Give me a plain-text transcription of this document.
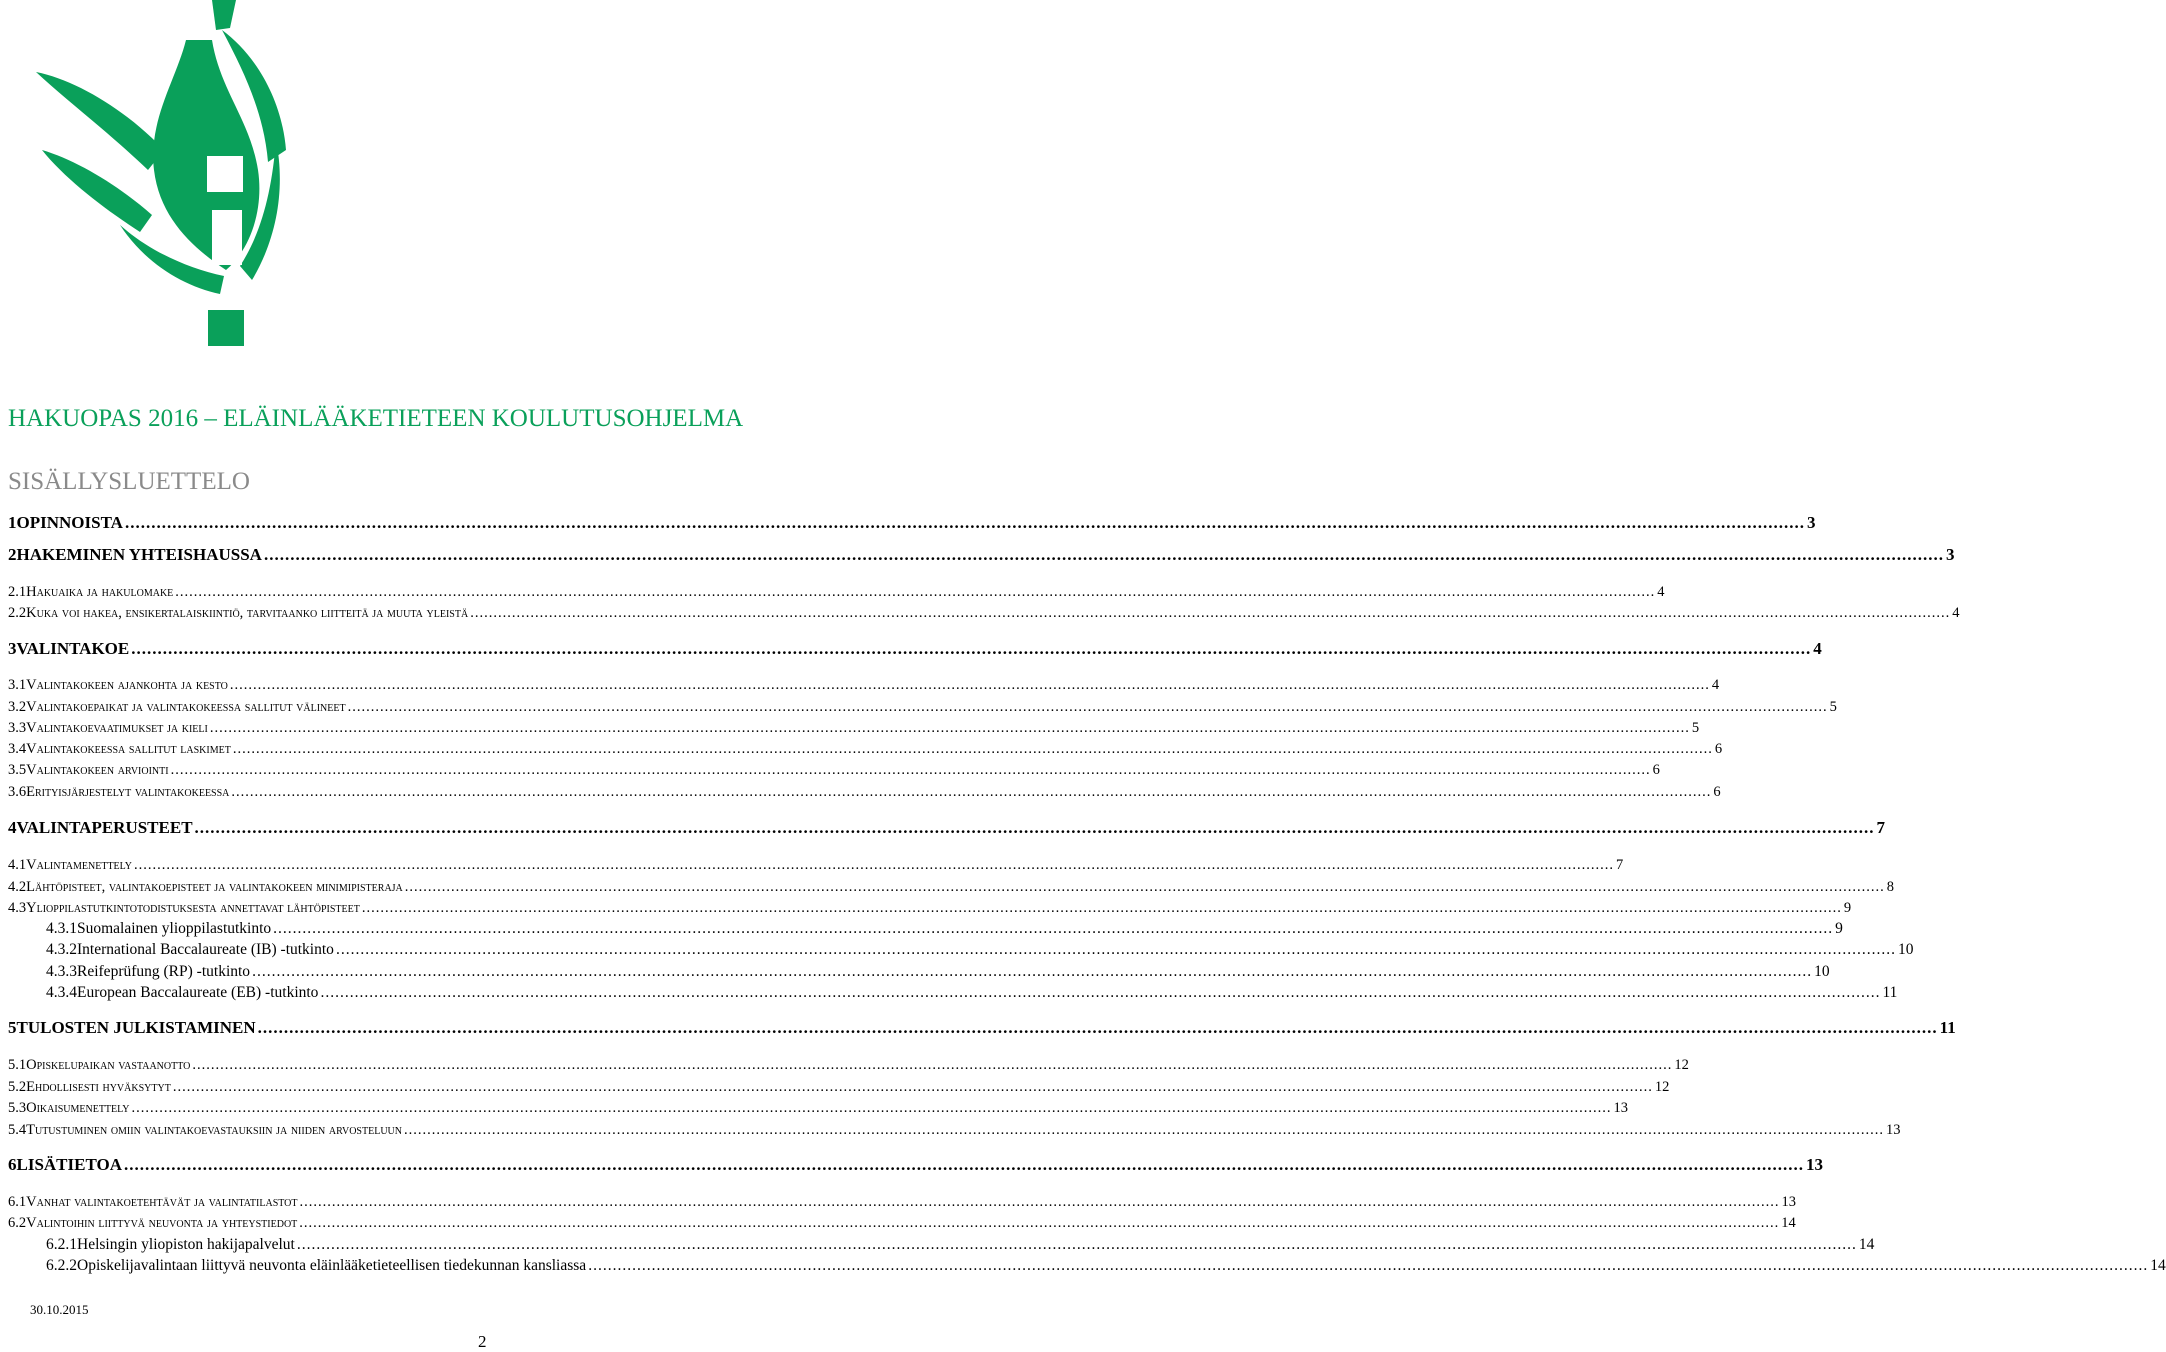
HAKUOPAS 2016 – ELÄINLÄÄKETIETEEN KOULUTUSOHJELMA
SISÄLLYSLUETTELO
1 OPINNOISTA .....	3
2 HAKEMINEN YHTEISHAUSSA .....	3
2.1 Hakuaika ja hakulomake .....	4
2.2 Kuka voi hakea, ensikertalaiskiintiö, tarvitaanko liitteitä ja muuta yleistä .....	4
3 VALINTAKOE .....	4
3.1 Valintakokeen ajankohta ja kesto .....	4
3.2 Valintakoepaikat ja valintakokeessa sallitut välineet .....	5
3.3 Valintakoevaatimukset ja kieli .....	5
3.4 Valintakokeessa sallitut laskimet .....	6
3.5 Valintakokeen arviointi .....	6
3.6 Erityisjärjestelyt valintakokeessa .....	6
4 VALINTAPERUSTEET .....	7
4.1 Valintamenettely .....	7
4.2 Lähtöpisteet, valintakoepisteet ja valintakokeen minimipisteraja .....	8
4.3 Ylioppilastutkintotodistuksesta annettavat lähtöpisteet .....	9
4.3.1 Suomalainen ylioppilastutkinto .....	9
4.3.2 International Baccalaureate (IB) -tutkinto .....	10
4.3.3 Reifeprüfung (RP) -tutkinto .....	10
4.3.4 European Baccalaureate (EB) -tutkinto .....	11
5 TULOSTEN JULKISTAMINEN .....	11
5.1 Opiskelupaikan vastaanotto .....	12
5.2 Ehdollisesti hyväksytyt .....	12
5.3 Oikaisumenettely .....	13
5.4 Tutustuminen omiin valintakoevastauksiin ja niiden arvosteluun .....	13
6 LISÄTIETOA .....	13
6.1 Vanhat valintakoetehtävät ja valintatilastot .....	13
6.2 Valintoihin liittyvä neuvonta ja yhteystiedot .....	14
6.2.1 Helsingin yliopiston hakijapalvelut .....	14
6.2.2 Opiskelijavalintaan liittyvä neuvonta eläinlääketieteellisen tiedekunnan kansliassa .....	14
30.10.2015
2
